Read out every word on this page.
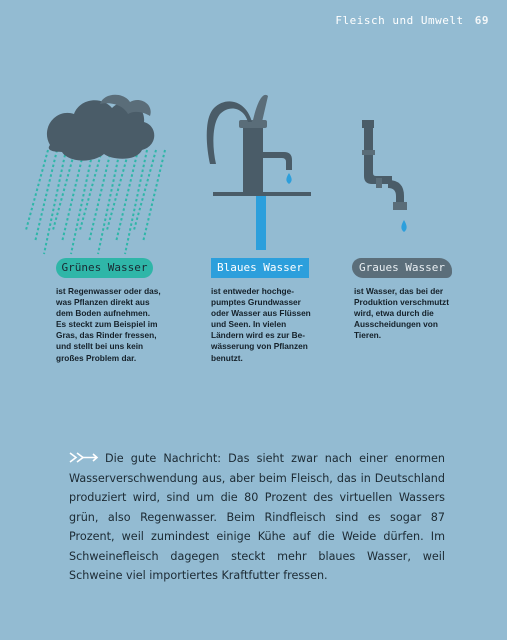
Fleisch und Umwelt 69
Grünes Wasser	Blaues Wasser	Graues Wasser
ist Regenwasser oder das,
was Pflanzen direkt aus
dem Boden aufnehmen.
Es steckt zum Beispiel im
Gras, das Rinder fressen,
und stellt bei uns kein
großes Problem dar.
ist entweder hochge-
pumptes Grundwasser
oder Wasser aus Flüssen
und Seen. In vielen
Ländern wird es zur Be-
wässerung von Pflanzen
benutzt.
ist Wasser, das bei der
Produktion verschmutzt
wird, etwa durch die
Ausscheidungen von
Tieren.

Die gute Nachricht: Das sieht zwar nach einer enormen Wasserverschwendung aus, aber beim Fleisch, das in Deutschland produziert wird, sind um die 80 Prozent des virtuellen Wassers grün, also Regenwasser. Beim Rindfleisch sind es sogar 87 Prozent, weil zumindest einige Kühe auf die Weide dürfen. Im Schweinefleisch dagegen steckt mehr blaues Wasser, weil Schweine viel importiertes Kraftfutter fressen.
